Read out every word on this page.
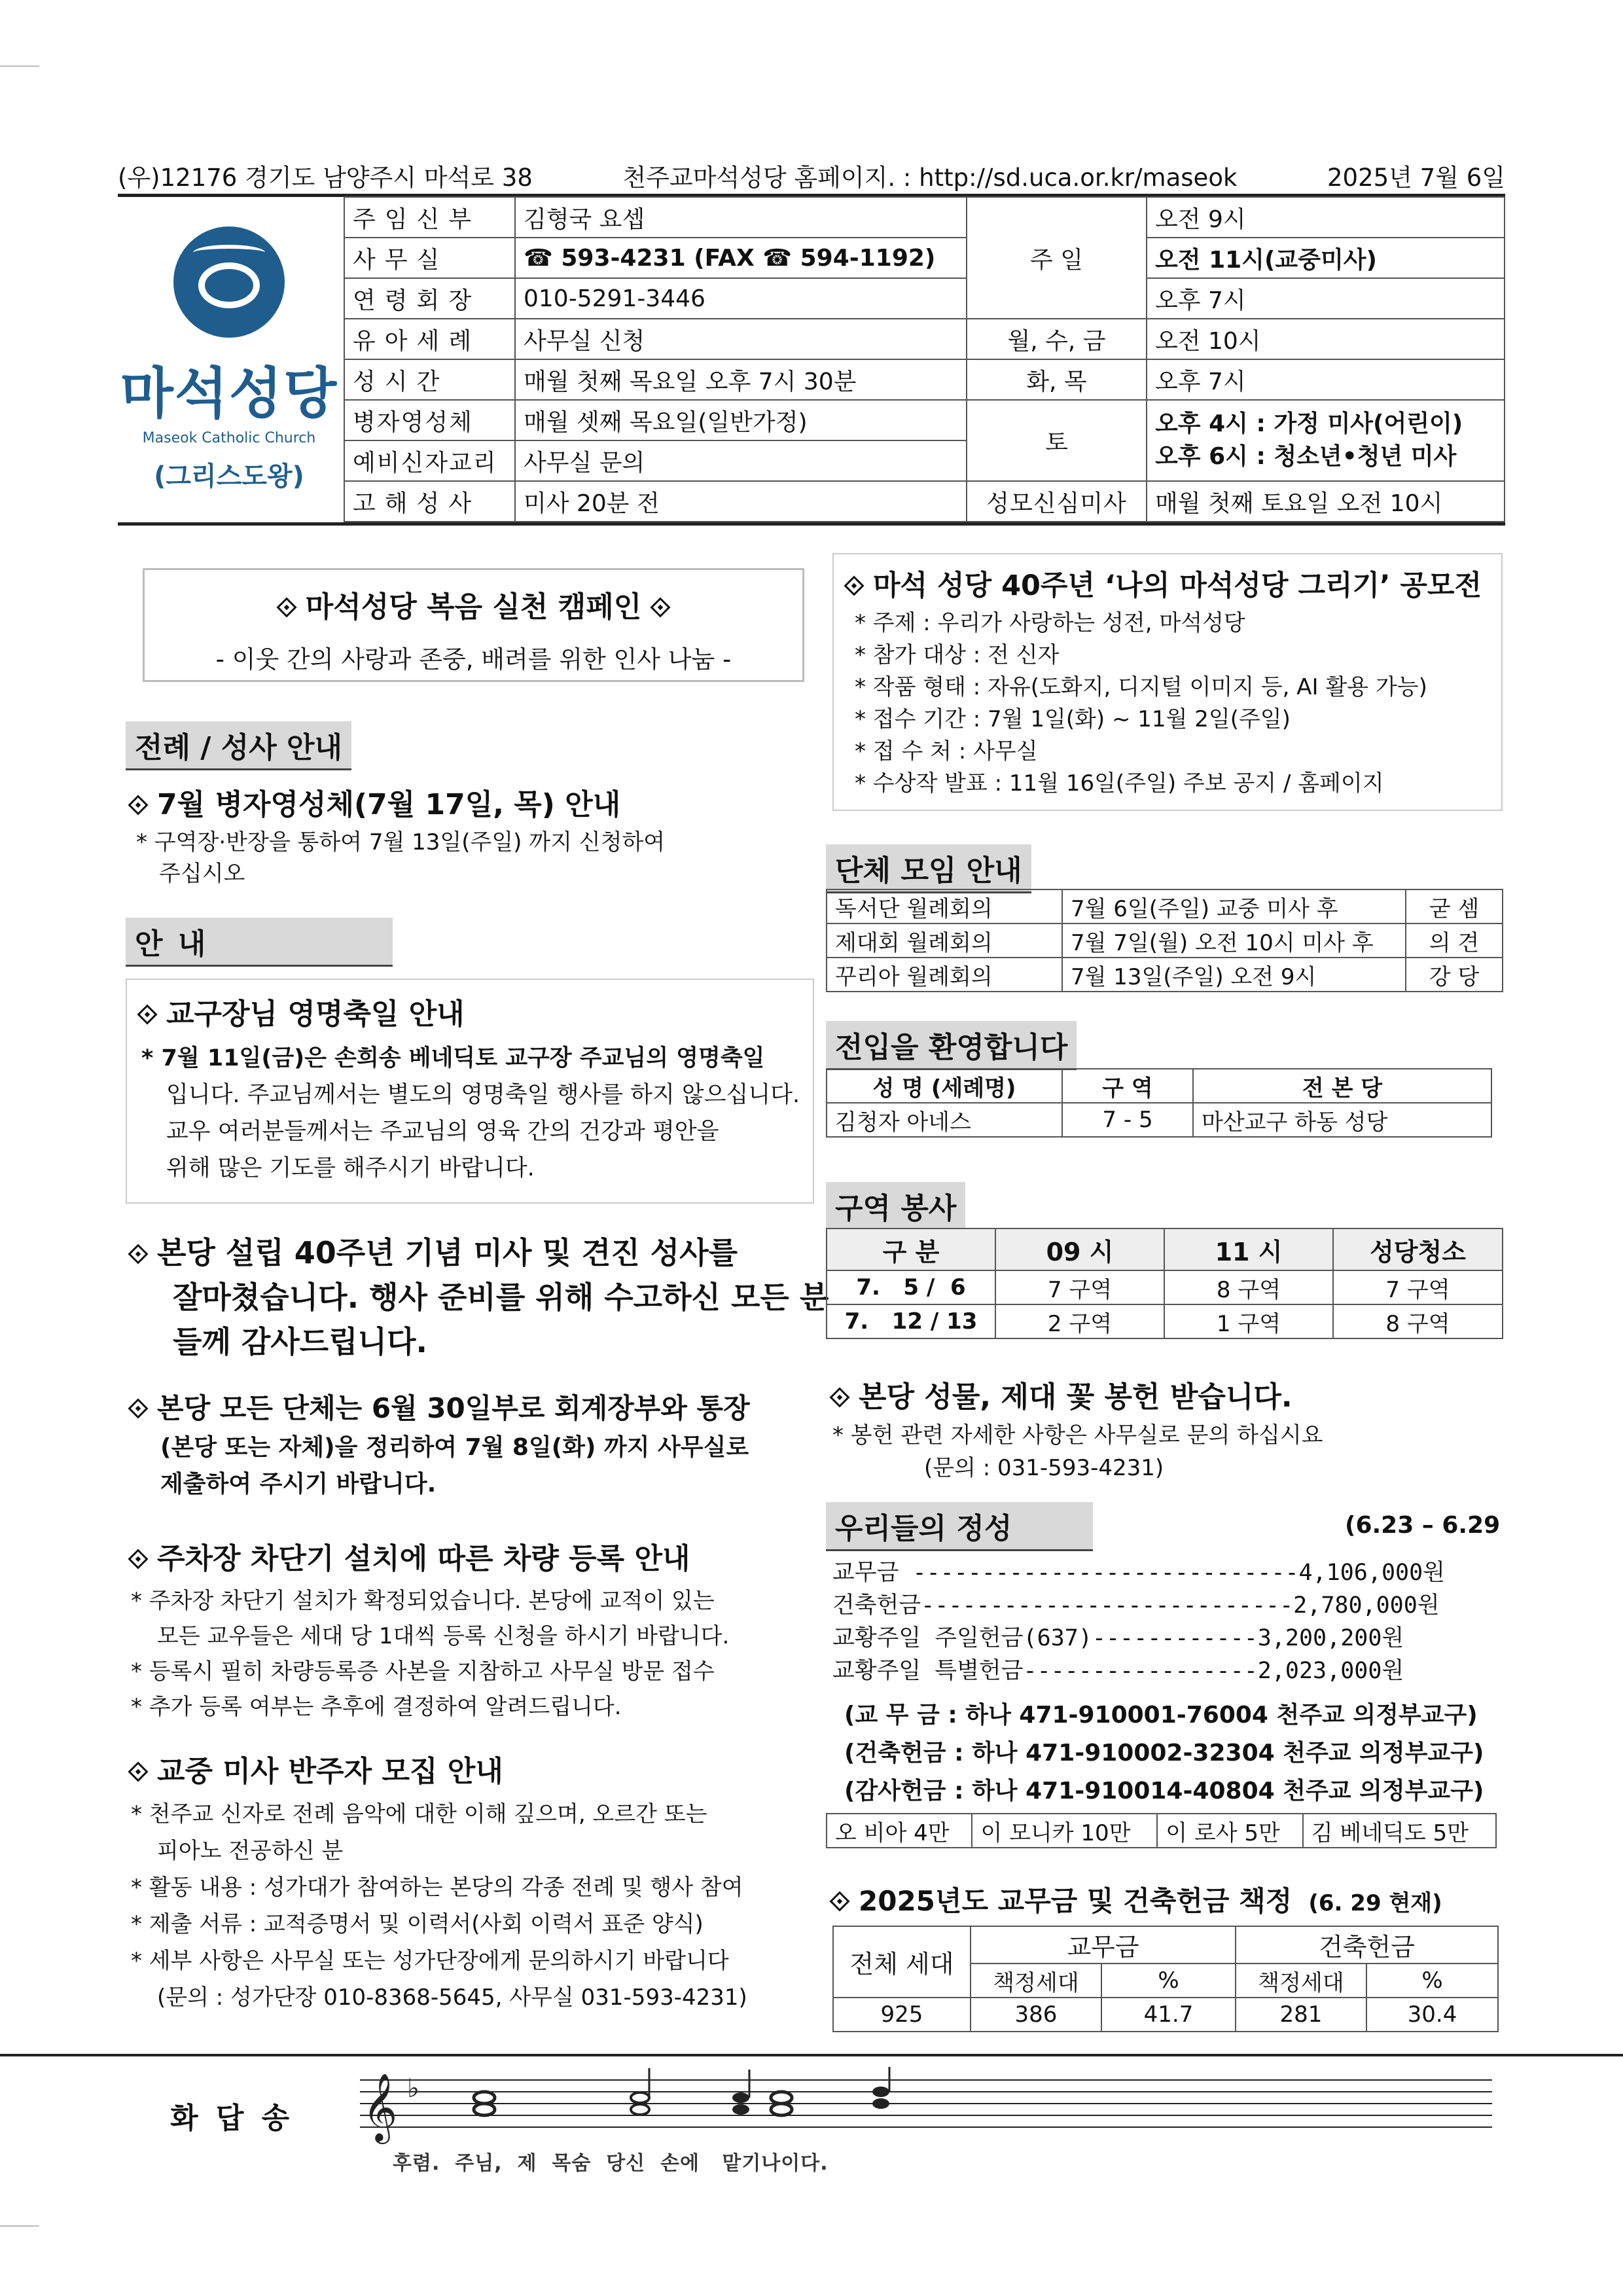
(우)12176 경기도 남양주시 마석로 38	천주교마석성당 홈페이지. : http://sd.uca.or.kr/maseok	2025년 7월 6일
마석성당
Maseok Catholic Church
(그리스도왕)
주임신부	김형국 요셉	주 일	오전 9시
사무실	☎ 593-4231 (FAX ☎ 594-1192)		오전 11시(교중미사)
연령회장	010-5291-3446		오후 7시
유아세례	사무실 신청	월, 수, 금	오전 10시
성시간	매월 첫째 목요일 오후 7시 30분	화, 목	오후 7시
병자영성체	매월 셋째 목요일(일반가정)	토	오후 4시 : 가정 미사(어린이)
오후 6시 : 청소년•청년 미사

예비신자교리	사무실 문의		
고해성사	미사 20분 전	성모신심미사	매월 첫째 토요일 오전 10시
마석성당 복음 실천 캠페인
- 이웃 간의 사랑과 존중, 배려를 위한 인사 나눔 -
전례 / 성사 안내
7월 병자영성체(7월 17일, 목) 안내
* 구역장·반장을 통하여 7월 13일(주일) 까지 신청하여
주십시오
안 내
교구장님 영명축일 안내
* 7월 11일(금)은 손희송 베네딕토 교구장 주교님의 영명축일
입니다. 주교님께서는 별도의 영명축일 행사를 하지 않으십니다.
교우 여러분들께서는 주교님의 영육 간의 건강과 평안을
위해 많은 기도를 해주시기 바랍니다.
본당 설립 40주년 기념 미사 및 견진 성사를
잘마쳤습니다. 행사 준비를 위해 수고하신 모든 분
들께 감사드립니다.
본당 모든 단체는 6월 30일부로 회계장부와 통장
(본당 또는 자체)을 정리하여 7월 8일(화) 까지 사무실로
제출하여 주시기 바랍니다.
주차장 차단기 설치에 따른 차량 등록 안내
* 주차장 차단기 설치가 확정되었습니다. 본당에 교적이 있는
모든 교우들은 세대 당 1대씩 등록 신청을 하시기 바랍니다.
* 등록시 필히 차량등록증 사본을 지참하고 사무실 방문 접수
* 추가 등록 여부는 추후에 결정하여 알려드립니다.
교중 미사 반주자 모집 안내
* 천주교 신자로 전례 음악에 대한 이해 깊으며, 오르간 또는
피아노 전공하신 분
* 활동 내용 : 성가대가 참여하는 본당의 각종 전례 및 행사 참여
* 제출 서류 : 교적증명서 및 이력서(사회 이력서 표준 양식)
* 세부 사항은 사무실 또는 성가단장에게 문의하시기 바랍니다
(문의 : 성가단장 010-8368-5645, 사무실 031-593-4231)
마석 성당 40주년 ‘나의 마석성당 그리기’ 공모전
* 주제 : 우리가 사랑하는 성전, 마석성당
* 참가 대상 : 전 신자
* 작품 형태 : 자유(도화지, 디지털 이미지 등, AI 활용 가능)
* 접수 기간 : 7월 1일(화) ~ 11월 2일(주일)
* 접 수 처 : 사무실
* 수상작 발표 : 11월 16일(주일) 주보 공지 / 홈페이지
단체 모임 안내
독서단 월례회의	7월 6일(주일) 교중 미사 후	굳 셈
제대회 월례회의	7월 7일(월) 오전 10시 미사 후	의 견
꾸리아 월례회의	7월 13일(주일) 오전 9시	강 당
전입을 환영합니다
성 명 (세례명)	구 역	전 본 당
김청자 아네스	7 - 5	마산교구 하동 성당
구역 봉사
구 분	09 시	11 시	성당청소
7.   5 /  6	7 구역	8 구역	7 구역
7.   12 / 13	2 구역	1 구역	8 구역
본당 성물, 제대 꽃 봉헌 받습니다.
* 봉헌 관련 자세한 사항은 사무실로 문의 하십시요
(문의 : 031-593-4231)
우리들의 정성	(6.23 – 6.29
교무금 ----------------------------4,106,000원
건축헌금---------------------------2,780,000원
교황주일 주일헌금(637)------------3,200,200원
교황주일 특별헌금-----------------2,023,000원
(교 무 금 : 하나 471-910001-76004 천주교 의정부교구)
(건축헌금 : 하나 471-910002-32304 천주교 의정부교구)
(감사헌금 : 하나 471-910014-40804 천주교 의정부교구)
오 비아 4만	이 모니카 10만	이 로사 5만	김 베네딕도 5만
2025년도 교무금 및 건축헌금 책정 (6. 29 현재)
전체 세대	교무금		건축헌금	
	책정세대	%	책정세대	%
925	386	41.7	281	30.4
화 답 송 𝄞 ♭
후렴.  주님,  제  목숨  당신  손에   맡기나이다.
